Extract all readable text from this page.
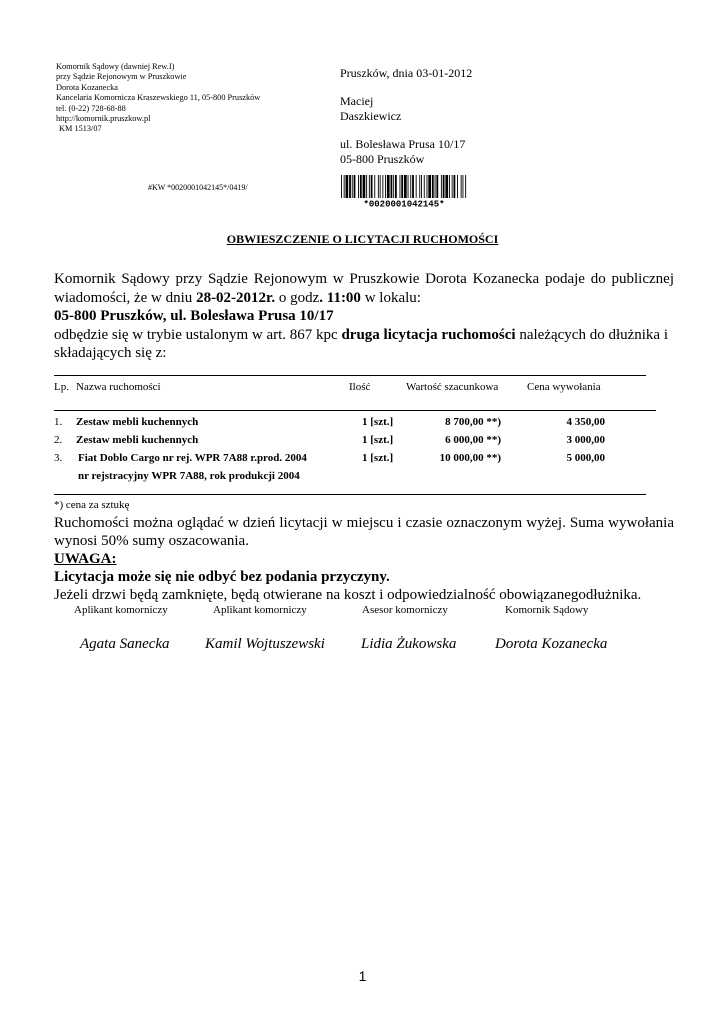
Komornik Sądowy (dawniej Rew.I)
przy Sądzie Rejonowym w Pruszkowie
Dorota Kozanecka
Kancelaria Komornicza Kraszewskiego 11, 05-800 Pruszków
tel. (0-22) 728-68-88
http://komornik.pruszkow.pl
KM 1513/07
Pruszków, dnia 03-01-2012
Maciej
Daszkiewicz
ul. Bolesława Prusa 10/17
05-800 Pruszków
#KW *0020001042145*/0419/
*0020001042145*
OBWIESZCZENIE O LICYTACJI RUCHOMOŚCI
Komornik Sądowy przy Sądzie Rejonowym w Pruszkowie Dorota Kozanecka podaje do publicznej
wiadomości, że w dniu 28-02-2012r. o godz. 11:00 w lokalu:
05-800 Pruszków, ul. Bolesława Prusa 10/17
odbędzie się w trybie ustalonym w art. 867 kpc druga licytacja ruchomości należących do dłużnika i
składających się z:
Lp. Nazwa ruchomości	Ilość	Wartość szacunkowa	Cena wywołania
1. Zestaw mebli kuchennych	1 [szt.]	8 700,00 **)	4 350,00
2. Zestaw mebli kuchennych	1 [szt.]	6 000,00 **)	3 000,00
3. Fiat Doblo Cargo nr rej. WPR 7A88 r.prod. 2004
nr rejstracyjny WPR 7A88, rok produkcji 2004
1 [szt.]	10 000,00 **)	5 000,00
*) cena za sztukę
Ruchomości można oglądać w dzień licytacji w miejscu i czasie oznaczonym wyżej. Suma wywołania
wynosi 50% sumy oszacowania.
UWAGA:
Licytacja może się nie odbyć bez podania przyczyny.
Jeżeli drzwi będą zamknięte, będą otwierane na koszt i odpowiedzialność obowiązanegodłużnika.
Aplikant komorniczy	Aplikant komorniczy	Asesor komorniczy	Komornik Sądowy
Agata Sanecka Kamil Wojtuszewski Lidia Żukowska	Dorota Kozanecka
1
